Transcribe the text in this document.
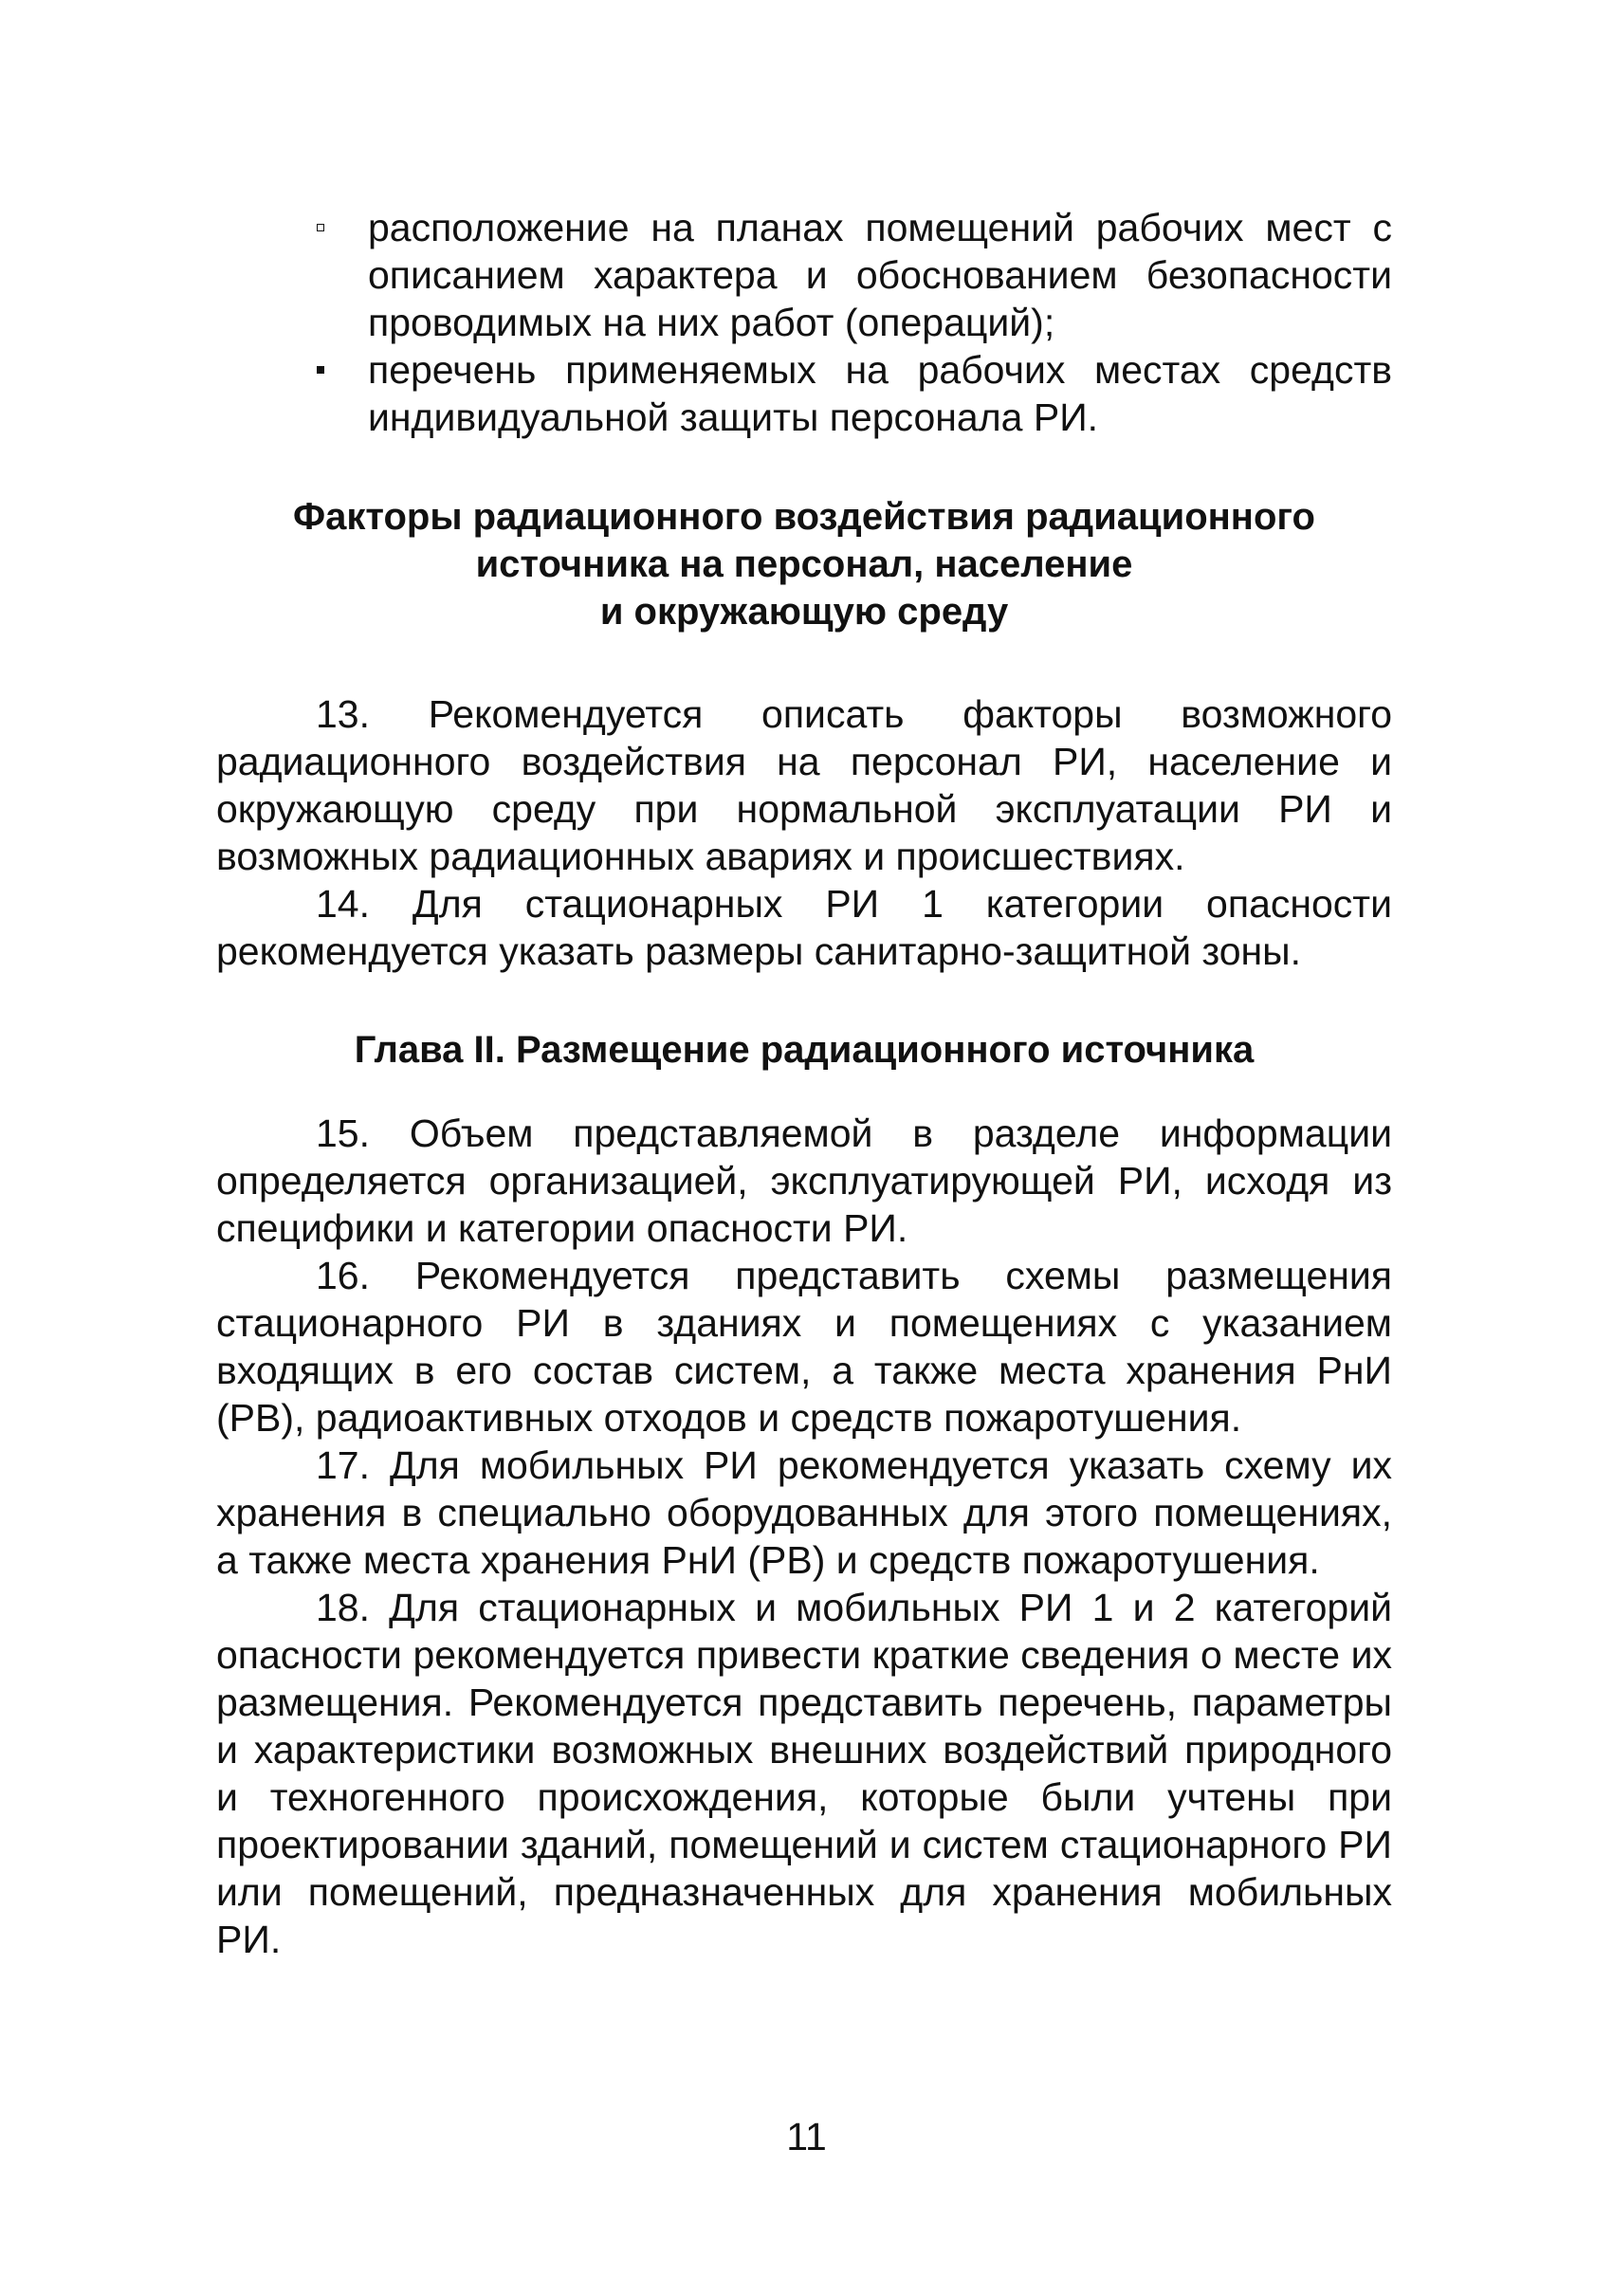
расположение на планах помещений рабочих мест с описанием характера и обоснованием безопасности проводимых на них работ (операций);
перечень применяемых на рабочих местах средств индивидуальной защиты персонала РИ.
Факторы радиационного воздействия радиационного
источника на персонал, население
и окружающую среду
13. Рекомендуется описать факторы возможного радиационного воздействия на персонал РИ, население и окружающую среду при нормальной эксплуатации РИ и возможных радиационных авариях и происшествиях.
14. Для стационарных РИ 1 категории опасности рекомендуется указать размеры санитарно-защитной зоны.
Глава II. Размещение радиационного источника
15. Объем представляемой в разделе информации определяется организацией, эксплуатирующей РИ, исходя из специфики и категории опасности РИ.
16. Рекомендуется представить схемы размещения стационарного РИ в зданиях и помещениях с указанием входящих в его состав систем, а также места хранения РнИ (РВ), радиоактивных отходов и средств пожаротушения.
17. Для мобильных РИ рекомендуется указать схему их хранения в специально оборудованных для этого помещениях, а также места хранения РнИ (РВ) и средств пожаротушения.
18. Для стационарных и мобильных РИ 1 и 2 категорий опасности рекомендуется привести краткие сведения о месте их размещения. Рекомендуется представить перечень, параметры и характеристики возможных внешних воздействий природного и техногенного происхождения, которые были учтены при проектировании зданий, помещений и систем стационарного РИ или помещений, предназначенных для хранения мобильных РИ.
11
